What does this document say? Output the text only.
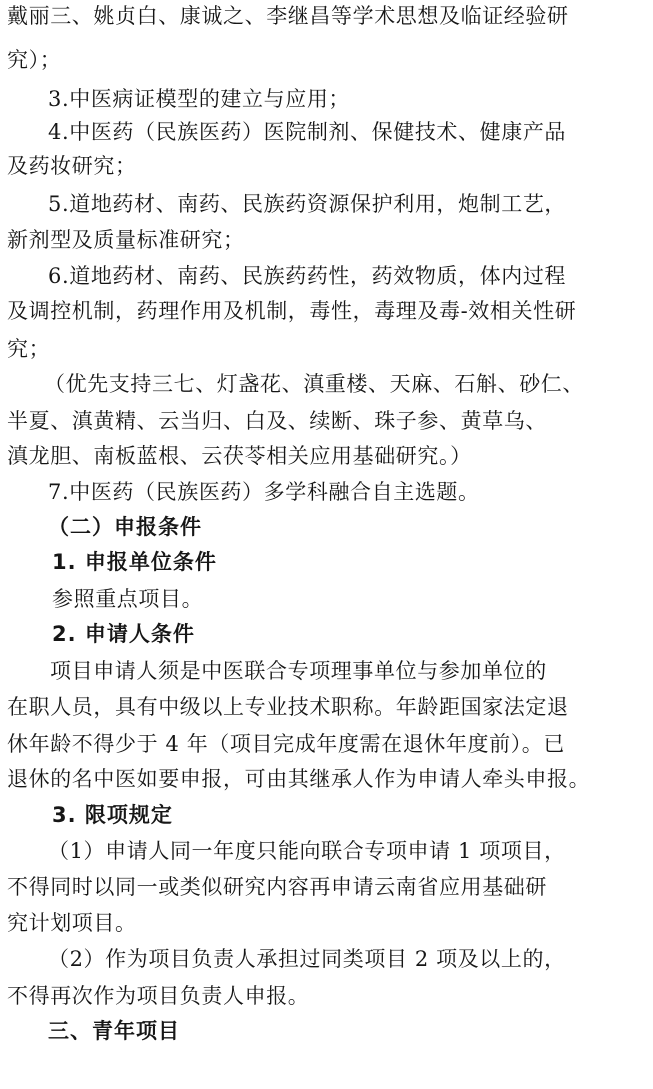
戴丽三、姚贞白、康诚之、李继昌等学术思想及临证经验研
究）；
3.中医病证模型的建立与应用；
4.中医药（民族医药）医院制剂、保健技术、健康产品
及药妆研究；
5.道地药材、南药、民族药资源保护利用，炮制工艺，
新剂型及质量标准研究；
6.道地药材、南药、民族药药性，药效物质，体内过程
及调控机制，药理作用及机制，毒性，毒理及毒-效相关性研
究；
（优先支持三七、灯盏花、滇重楼、天麻、石斛、砂仁、
半夏、滇黄精、云当归、白及、续断、珠子参、黄草乌、
滇龙胆、南板蓝根、云茯苓相关应用基础研究。）
7.中医药（民族医药）多学科融合自主选题。
（二）申报条件
1. 申报单位条件
参照重点项目。
2. 申请人条件
项目申请人须是中医联合专项理事单位与参加单位的
在职人员，具有中级以上专业技术职称。年龄距国家法定退
休年龄不得少于 4 年（项目完成年度需在退休年度前）。已
退休的名中医如要申报，可由其继承人作为申请人牵头申报。
3. 限项规定
（1）申请人同一年度只能向联合专项申请 1 项项目，
不得同时以同一或类似研究内容再申请云南省应用基础研
究计划项目。
（2）作为项目负责人承担过同类项目 2 项及以上的，
不得再次作为项目负责人申报。
三、青年项目
